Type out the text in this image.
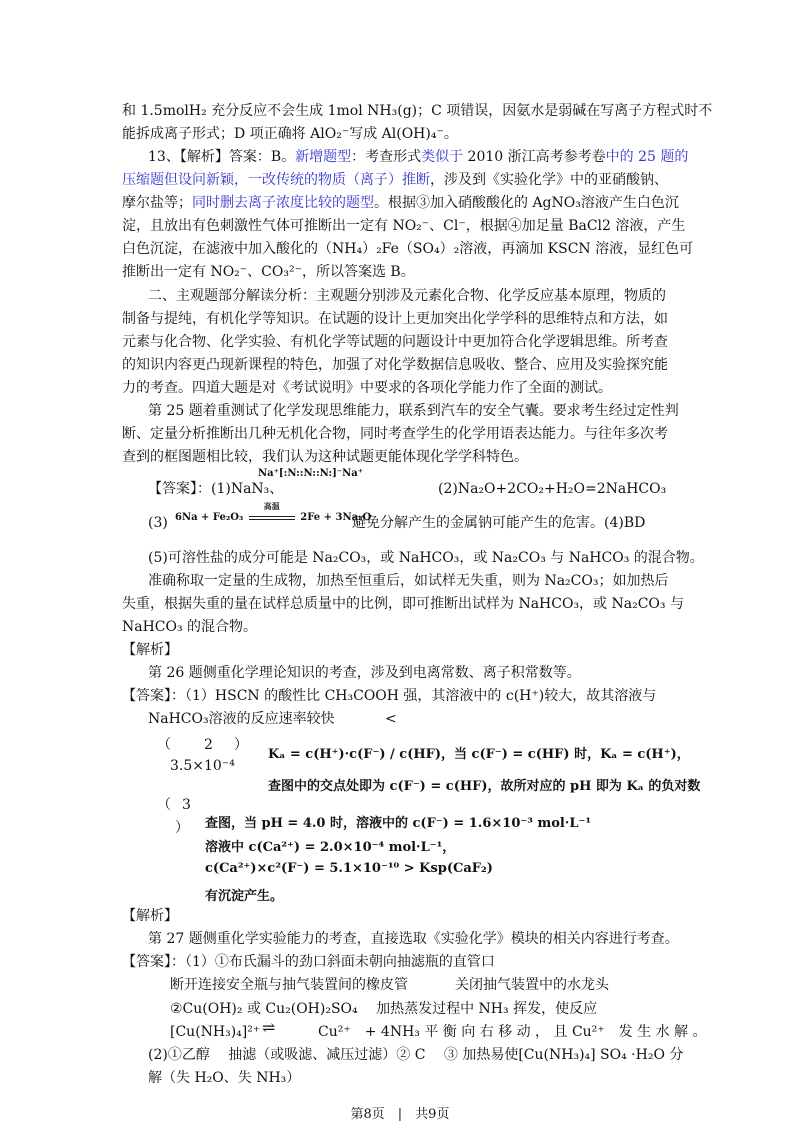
和 1.5molH₂ 充分反应不会生成 1mol NH₃(g)；C 项错误，因氨水是弱碱在写离子方程式时不
能拆成离子形式；D 项正确将 AlO₂⁻写成 Al(OH)₄⁻。
13、【解析】答案：B。新增题型：考查形式类似于 2010 浙江高考参考卷中的 25 题的
压缩题但设问新颖，一改传统的物质（离子）推断，涉及到《实验化学》中的亚硝酸钠、
摩尔盐等；同时删去离子浓度比较的题型。根据③加入硝酸酸化的 AgNO₃溶液产生白色沉
淀，且放出有色刺激性气体可推断出一定有 NO₂⁻、Cl⁻，根据④加足量 BaCl2 溶液，产生
白色沉淀，在滤液中加入酸化的（NH₄）₂Fe（SO₄）₂溶液，再滴加 KSCN 溶液，显红色可
推断出一定有 NO₂⁻、CO₃²⁻，所以答案选 B。
二、主观题部分解读分析：主观题分别涉及元素化合物、化学反应基本原理，物质的
制备与提纯，有机化学等知识。在试题的设计上更加突出化学学科的思维特点和方法，如
元素与化合物、化学实验、有机化学等试题的问题设计中更加符合化学逻辑思维。所考查
的知识内容更凸现新课程的特色，加强了对化学数据信息吸收、整合、应用及实验探究能
力的考查。四道大题是对《考试说明》中要求的各项化学能力作了全面的测试。
第 25 题着重测试了化学发现思维能力，联系到汽车的安全气囊。要求考生经过定性判
断、定量分析推断出几种无机化合物，同时考查学生的化学用语表达能力。与往年多次考
查到的框图题相比较，我们认为这种试题更能体现化学学科特色。
【答案】：(1)NaN₃、
Na⁺[:N::N::N:]⁻Na⁺
(2)Na₂O+2CO₂+H₂O=2NaHCO₃
(3) 6Na + Fe₂O₃
高温
2Fe + 3Na₂O
避免分解产生的金属钠可能产生的危害。(4)BD
(5)可溶性盐的成分可能是 Na₂CO₃，或 NaHCO₃，或 Na₂CO₃ 与 NaHCO₃ 的混合物。
准确称取一定量的生成物，加热至恒重后，如试样无失重，则为 Na₂CO₃；如加热后
失重，根据失重的量在试样总质量中的比例，即可推断出试样为 NaHCO₃，或 Na₂CO₃ 与
NaHCO₃ 的混合物。
【解析】
第 26 题侧重化学理论知识的考查，涉及到电离常数、离子积常数等。
【答案】：（1）HSCN 的酸性比 CH₃COOH 强，其溶液中的 c(H⁺)较大，故其溶液与
NaHCO₃溶液的反应速率较快	<
（ 2 ）
3.5×10⁻⁴
Kₐ = c(H⁺)·c(F⁻) / c(HF)，当 c(F⁻) = c(HF) 时，Kₐ = c(H⁺)，
查图中的交点处即为 c(F⁻) = c(HF)，故所对应的 pH 即为 Kₐ 的负对数
（ 3
） 查图，当 pH = 4.0 时，溶液中的 c(F⁻) = 1.6×10⁻³ mol·L⁻¹
溶液中 c(Ca²⁺) = 2.0×10⁻⁴ mol·L⁻¹，
c(Ca²⁺)×c²(F⁻) = 5.1×10⁻¹⁰ > Ksp(CaF₂)
有沉淀产生。
【解析】
第 27 题侧重化学实验能力的考查，直接选取《实验化学》模块的相关内容进行考查。
【答案】：（1）①布氏漏斗的劲口斜面未朝向抽滤瓶的直管口
断开连接安全瓶与抽气装置间的橡皮管	关闭抽气装置中的水龙头
②Cu(OH)₂ 或 Cu₂(OH)₂SO₄　 加热蒸发过程中 NH₃ 挥发，使反应
[Cu(NH₃)₄]²⁺ ⇌	Cu²⁺　+ 4NH₃ 平 衡 向 右 移 动 ， 且 Cu²⁺　发 生 水 解 。
(2)①乙醇　 抽滤（或吸滤、减压过滤）② C　 ③ 加热易使[Cu(NH₃)₄] SO₄ ·H₂O 分
解（失 H₂O、失 NH₃）
第8页　|　共9页
